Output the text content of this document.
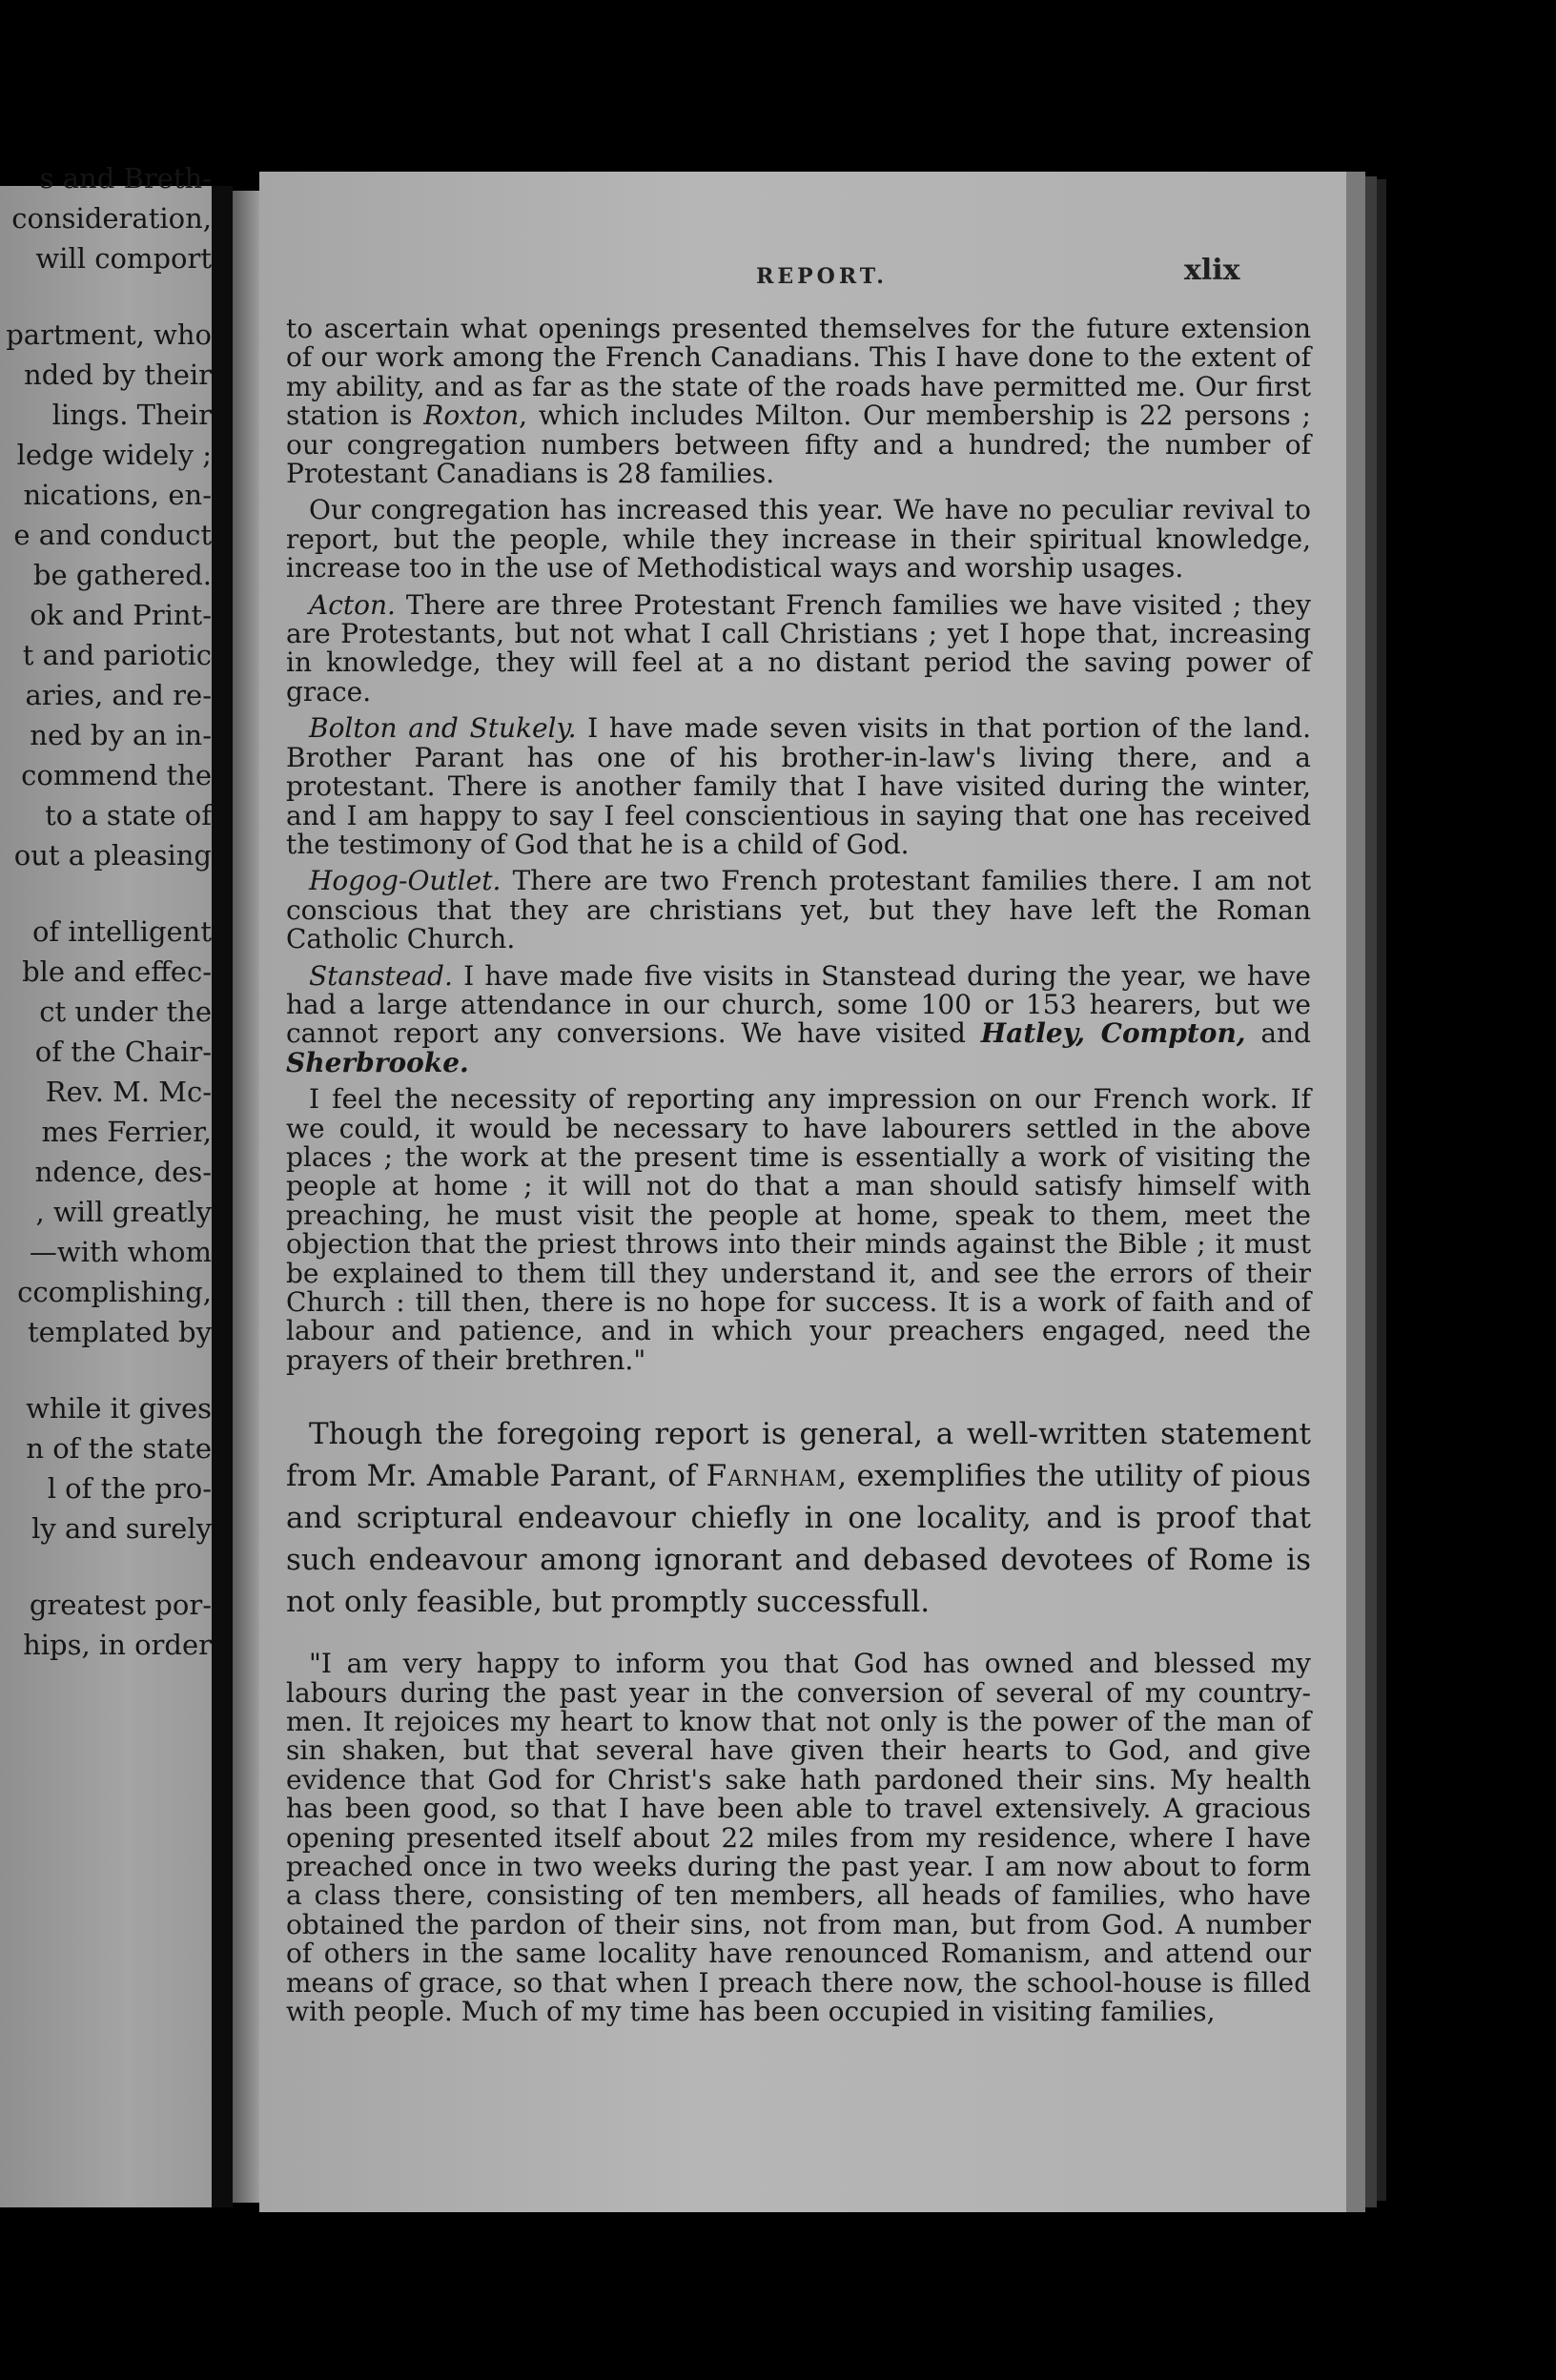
s and Breth-
consideration,
will comport
partment, who
nded by their
lings. Their
ledge widely ;
nications, en-
e and conduct
be gathered.
ok and Print-
t and pariotic
aries, and re-
ned by an in-
commend the
to a state of
out a pleasing
of intelligent
ble and effec-
ct under the
of the Chair-
Rev. M. Mc-
mes Ferrier,
ndence, des-
, will greatly
—with whom
ccomplishing,
templated by
while it gives
n of the state
l of the pro-
ly and surely
greatest por-
hips, in order
REPORT.	xlix

to ascertain what openings presented themselves for the future extension of our work among the French Canadians. This I have done to the extent of my ability, and as far as the state of the roads have permitted me. Our first station is Roxton, which includes Milton. Our membership is 22 persons ; our congregation numbers between fifty and a hundred; the number of Protestant Canadians is 28 families.

Our congregation has increased this year. We have no peculiar revival to report, but the people, while they increase in their spiritual knowledge, increase too in the use of Methodistical ways and worship usages.

Acton. There are three Protestant French families we have visited ; they are Protestants, but not what I call Christians ; yet I hope that, increasing in knowledge, they will feel at a no distant period the saving power of grace.

Bolton and Stukely. I have made seven visits in that portion of the land. Brother Parant has one of his brother-in-law's living there, and a protestant. There is another family that I have visited during the winter, and I am happy to say I feel conscientious in saying that one has received the testimony of God that he is a child of God.

Hogog-Outlet. There are two French protestant families there. I am not conscious that they are christians yet, but they have left the Roman Catholic Church.

Stanstead. I have made five visits in Stanstead during the year, we have had a large attendance in our church, some 100 or 153 hearers, but we cannot report any conversions. We have visited Hatley, Compton, and Sherbrooke.

I feel the necessity of reporting any impression on our French work. If we could, it would be necessary to have labourers settled in the above places ; the work at the present time is essentially a work of visiting the people at home ; it will not do that a man should satisfy himself with preaching, he must visit the people at home, speak to them, meet the objection that the priest throws into their minds against the Bible ; it must be explained to them till they understand it, and see the errors of their Church : till then, there is no hope for success. It is a work of faith and of labour and patience, and in which your preachers engaged, need the prayers of their brethren."

Though the foregoing report is general, a well-written statement from Mr. Amable Parant, of Farnham, exemplifies the utility of pious and scriptural endeavour chiefly in one locality, and is proof that such endeavour among ignorant and debased devotees of Rome is not only feasible, but promptly successfull.

"I am very happy to inform you that God has owned and blessed my labours during the past year in the conversion of several of my country-men. It rejoices my heart to know that not only is the power of the man of sin shaken, but that several have given their hearts to God, and give evidence that God for Christ's sake hath pardoned their sins. My health has been good, so that I have been able to travel extensively. A gracious opening presented itself about 22 miles from my residence, where I have preached once in two weeks during the past year. I am now about to form a class there, consisting of ten members, all heads of families, who have obtained the pardon of their sins, not from man, but from God. A number of others in the same locality have renounced Romanism, and attend our means of grace, so that when I preach there now, the school-house is filled with people. Much of my time has been occupied in visiting families,
